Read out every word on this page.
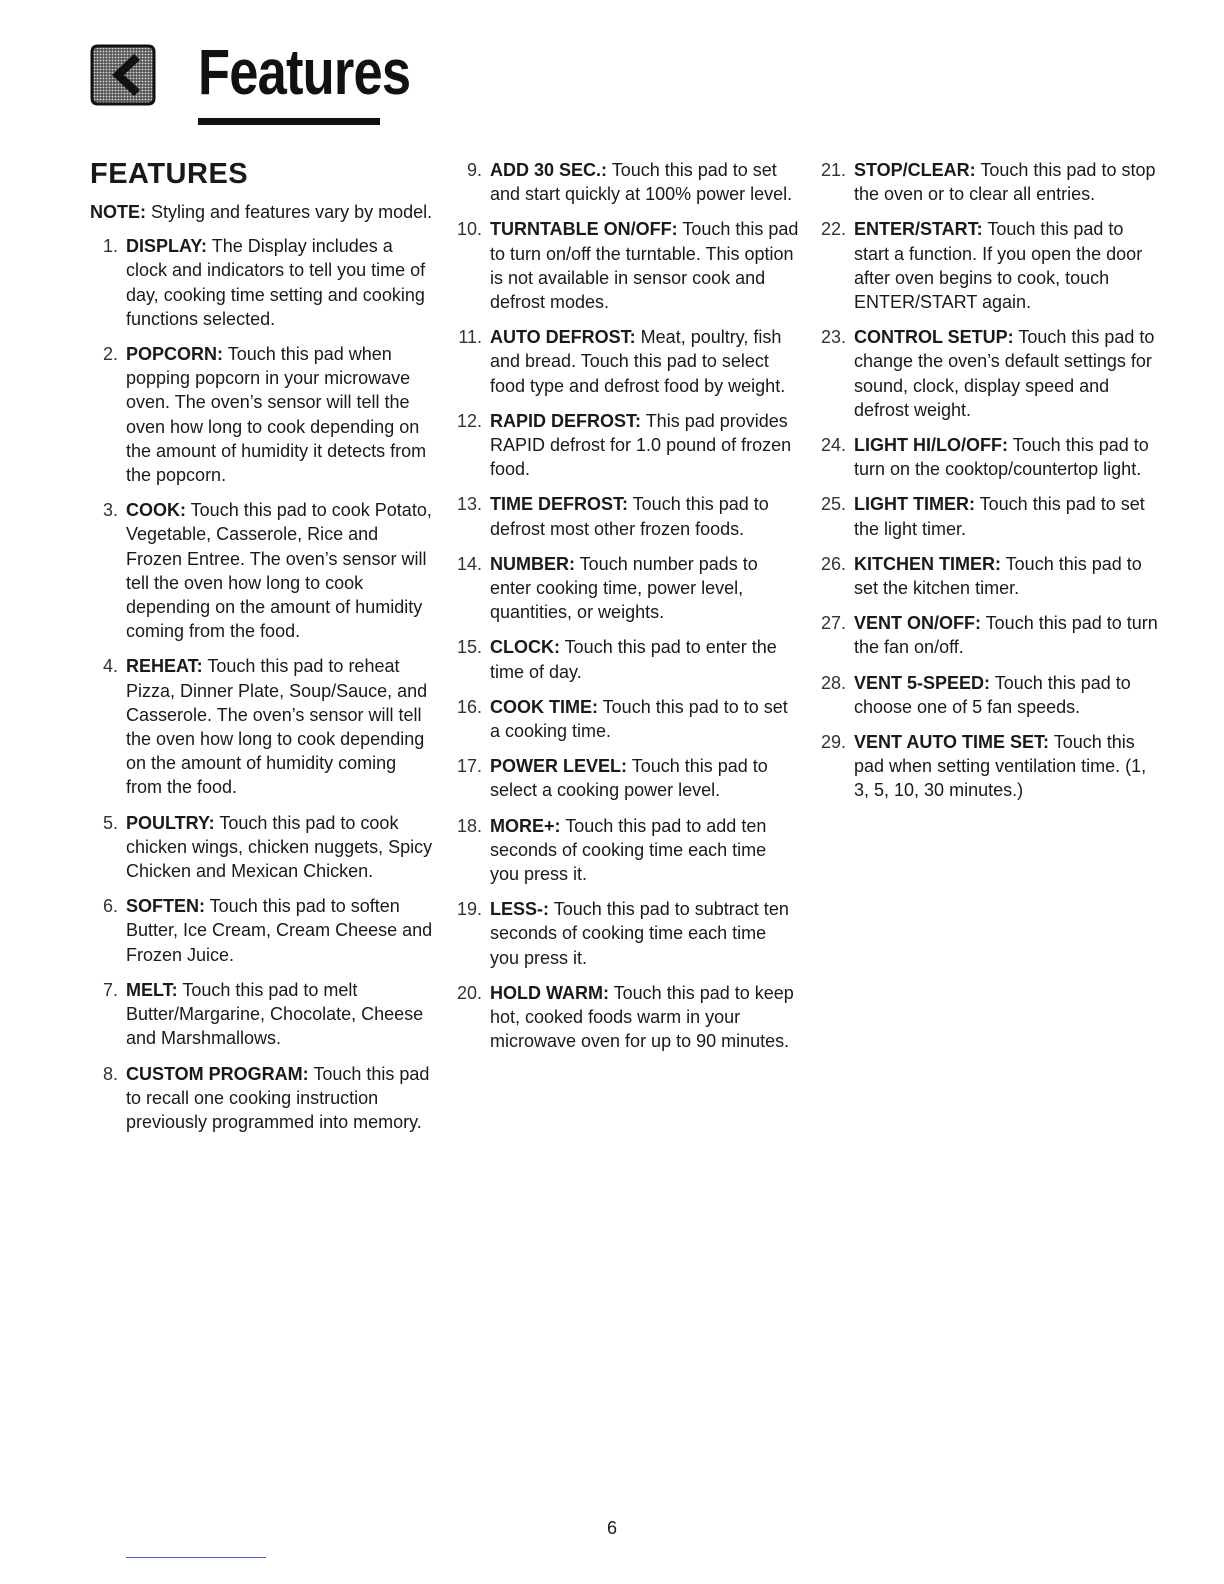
Features
FEATURES

NOTE: Styling and features vary by model.

1. DISPLAY: The Display includes a clock and indicators to tell you time of day, cooking time setting and cooking functions selected.
2. POPCORN: Touch this pad when popping popcorn in your microwave oven. The oven’s sensor will tell the oven how long to cook depending on the amount of humidity it detects from the popcorn.
3. COOK: Touch this pad to cook Potato, Vegetable, Casserole, Rice and Frozen Entree. The oven’s sensor will tell the oven how long to cook depending on the amount of humidity coming from the food.
4. REHEAT: Touch this pad to reheat Pizza, Dinner Plate, Soup/Sauce, and Casserole. The oven’s sensor will tell the oven how long to cook depending on the amount of humidity coming from the food.
5. POULTRY: Touch this pad to cook chicken wings, chicken nuggets, Spicy Chicken and Mexican Chicken.
6. SOFTEN: Touch this pad to soften Butter, Ice Cream, Cream Cheese and Frozen Juice.
7. MELT: Touch this pad to melt Butter/Margarine, Chocolate, Cheese and Marshmallows.
8. CUSTOM PROGRAM: Touch this pad to recall one cooking instruction previously programmed into memory.
9. ADD 30 SEC.: Touch this pad to set and start quickly at 100% power level.
10. TURNTABLE ON/OFF: Touch this pad to turn on/off the turntable. This option is not available in sensor cook and defrost modes.
11. AUTO DEFROST: Meat, poultry, fish and bread. Touch this pad to select food type and defrost food by weight.
12. RAPID DEFROST: This pad provides RAPID defrost for 1.0 pound of frozen food.
13. TIME DEFROST: Touch this pad to defrost most other frozen foods.
14. NUMBER: Touch number pads to enter cooking time, power level, quantities, or weights.
15. CLOCK: Touch this pad to enter the time of day.
16. COOK TIME: Touch this pad to to set a cooking time.
17. POWER LEVEL: Touch this pad to select a cooking power level.
18. MORE+: Touch this pad to add ten seconds of cooking time each time you press it.
19. LESS-: Touch this pad to subtract ten seconds of cooking time each time you press it.
20. HOLD WARM: Touch this pad to keep hot, cooked foods warm in your microwave oven for up to 90 minutes.
21. STOP/CLEAR: Touch this pad to stop the oven or to clear all entries.
22. ENTER/START: Touch this pad to start a function. If you open the door after oven begins to cook, touch ENTER/START again.
23. CONTROL SETUP: Touch this pad to change the oven’s default settings for sound, clock, display speed and defrost weight.
24. LIGHT HI/LO/OFF: Touch this pad to turn on the cooktop/countertop light.
25. LIGHT TIMER: Touch this pad to set the light timer.
26. KITCHEN TIMER: Touch this pad to set the kitchen timer.
27. VENT ON/OFF: Touch this pad to turn the fan on/off.
28. VENT 5-SPEED: Touch this pad to choose one of 5 fan speeds.
29. VENT AUTO TIME SET: Touch this pad when setting ventilation time. (1, 3, 5, 10, 30 minutes.)
6
